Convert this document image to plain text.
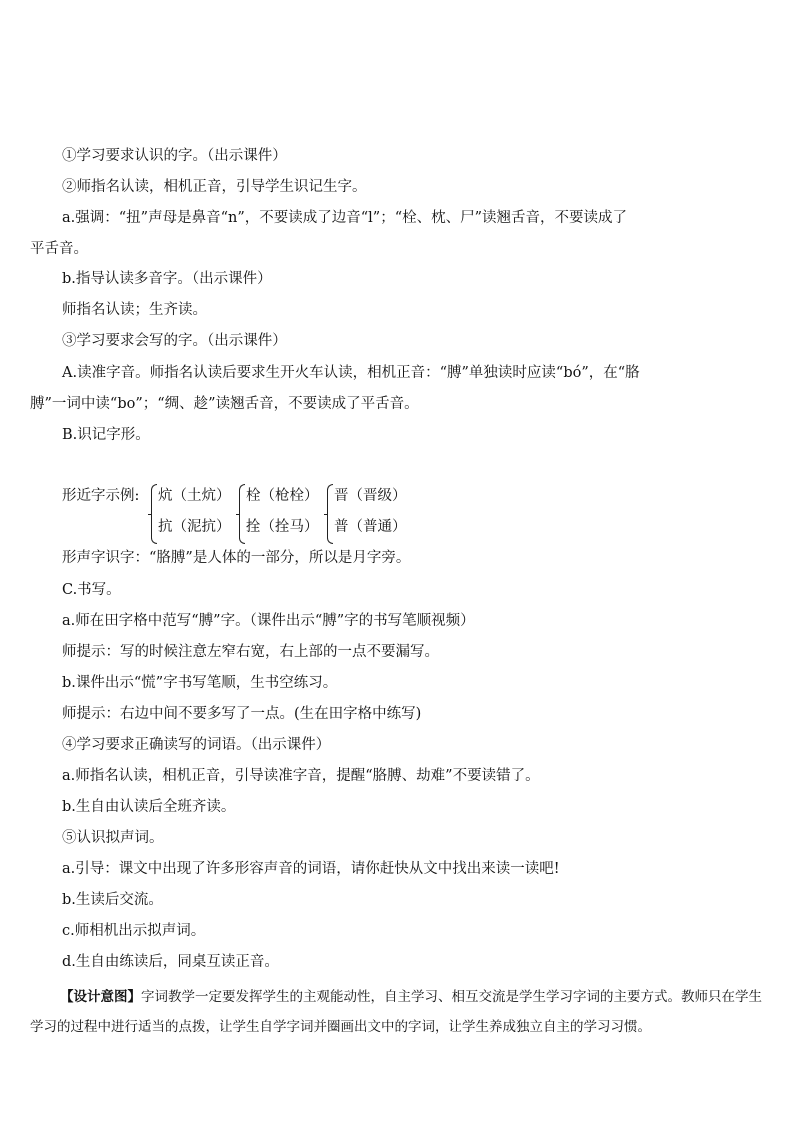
①学习要求认识的字。（出示课件）
②师指名认读，相机正音，引导学生识记生字。
a.强调：“扭”声母是鼻音“n”，不要读成了边音“l”；“栓、枕、尸”读翘舌音，不要读成了
平舌音。
b.指导认读多音字。（出示课件）
师指名认读；生齐读。
③学习要求会写的字。（出示课件）
A.读准字音。师指名认读后要求生开火车认读，相机正音：“膊”单独读时应读“bó”，在“胳
膊”一词中读“bo”；“绸、趁”读翘舌音，不要读成了平舌音。
B.识记字形。
形近字示例: 炕（土炕）
抗（泥抗）
栓（枪栓）
拴（拴马）
晋（晋级）
普（普通）
形声字识字：“胳膊”是人体的一部分，所以是月字旁。
C.书写。
a.师在田字格中范写“膊”字。（课件出示“膊”字的书写笔顺视频）
师提示：写的时候注意左窄右宽，右上部的一点不要漏写。
b.课件出示“慌”字书写笔顺，生书空练习。
师提示：右边中间不要多写了一点。(生在田字格中练写)
④学习要求正确读写的词语。（出示课件）
a.师指名认读，相机正音，引导读准字音，提醒“胳膊、劫难”不要读错了。
b.生自由认读后全班齐读。
⑤认识拟声词。
a.引导：课文中出现了许多形容声音的词语，请你赶快从文中找出来读一读吧!
b.生读后交流。
c.师相机出示拟声词。
d.生自由练读后，同桌互读正音。
【设计意图】字词教学一定要发挥学生的主观能动性，自主学习、相互交流是学生学习字词的主要方式。教师只在学生学习的过程中进行适当的点拨，让学生自学字词并圈画出文中的字词，让学生养成独立自主的学习习惯。
